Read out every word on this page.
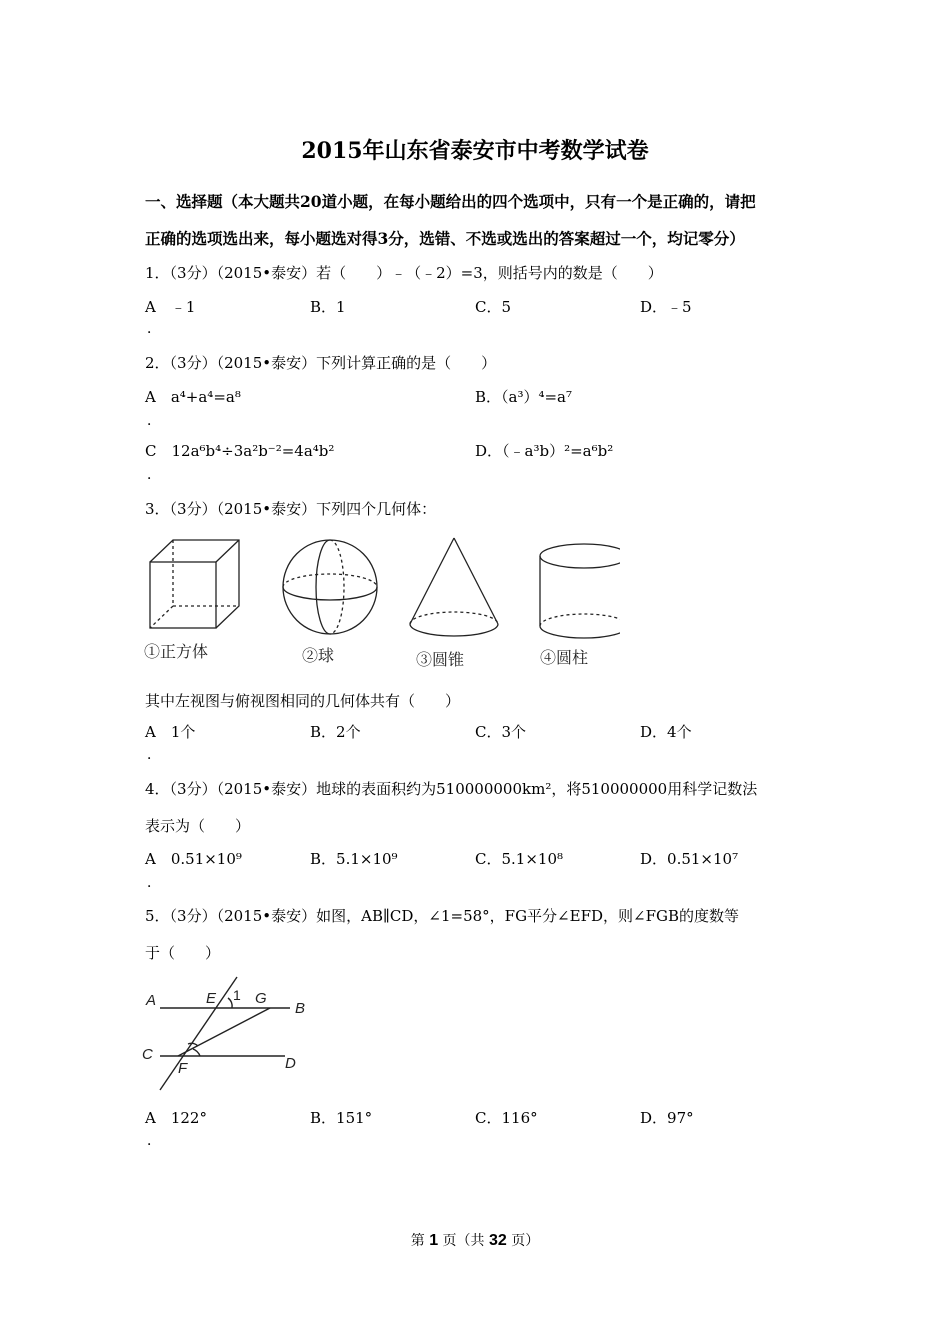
2015年山东省泰安市中考数学试卷
一、选择题（本大题共20道小题，在每小题给出的四个选项中，只有一个是正确的，请把
正确的选项选出来，每小题选对得3分，选错、不选或选出的答案超过一个，均记零分）
1．（3分）（2015•泰安）若（　　）﹣（﹣2）=3，则括号内的数是（　　）
A　﹣1	B．1	C．5	D．﹣5
．
2．（3分）（2015•泰安）下列计算正确的是（　　）
A　a⁴+a⁴=a⁸	B．（a³）⁴=a⁷
．
C　12a⁶b⁴÷3a²b⁻²=4a⁴b²	D．（﹣a³b）²=a⁶b²
．
3．（3分）（2015•泰安）下列四个几何体：
①正方体	②球	③圆锥	④圆柱
其中左视图与俯视图相同的几何体共有（　　）
A　1个	B．2个	C．3个	D．4个
．
4．（3分）（2015•泰安）地球的表面积约为510000000km²，将510000000用科学记数法
表示为（　　）
A　0.51×10⁹	B．5.1×10⁹	C．5.1×10⁸	D．0.51×10⁷
．
5．（3分）（2015•泰安）如图，AB∥CD，∠1=58°，FG平分∠EFD，则∠FGB的度数等
于（　　）
A	E	G
B
C
F	D
1
A　122°	B．151°	C．116°	D．97°
．
第 1 页（共 32 页）
